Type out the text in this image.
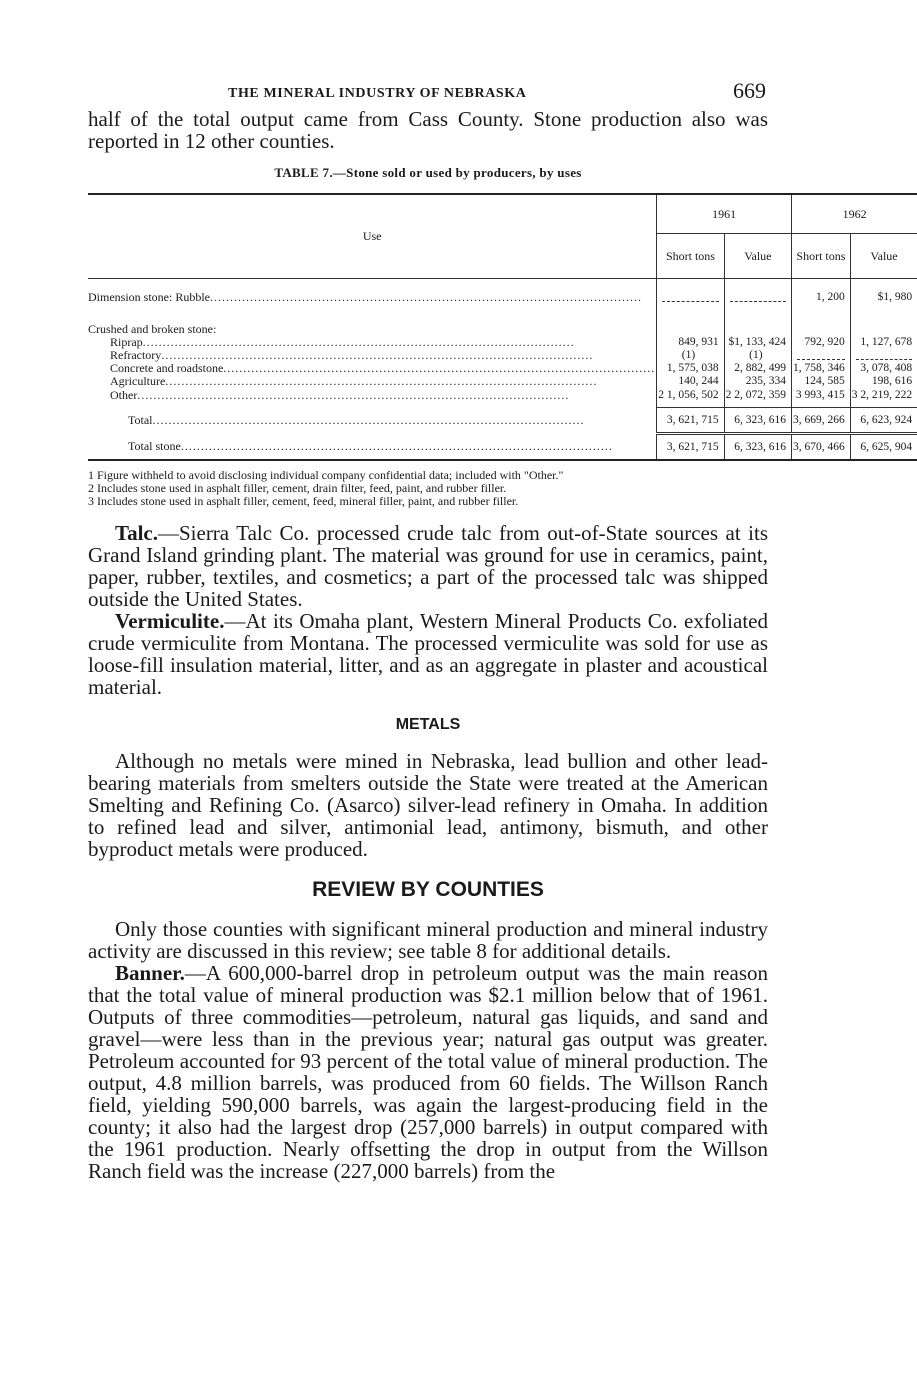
THE MINERAL INDUSTRY OF NEBRASKA	669

half of the total output came from Cass County. Stone production also was reported in 12 other counties.

TABLE 7.—Stone sold or used by producers, by uses
Use	1961		1962	
	Short tons	Value	Short tons	Value

Dimension stone: Rubble .....			1, 200	$1, 980

Crushed and broken stone:				
Riprap .....	849, 931	$1, 133, 424	792, 920	1, 127, 678
Refractory .....	(1)	(1)	

Concrete and roadstone .....	1, 575, 038	2, 882, 499	1, 758, 346	3, 078, 408
Agriculture .....	140, 244	235, 334	124, 585	198, 616
Other .....	2 1, 056, 502	2 2, 072, 359	3 993, 415	3 2, 219, 222

Total .....	3, 621, 715	6, 323, 616	3, 669, 266	6, 623, 924
Total stone .....	3, 621, 715	6, 323, 616	3, 670, 466	6, 625, 904
1 Figure withheld to avoid disclosing individual company confidential data; included with "Other."
2 Includes stone used in asphalt filler, cement, drain filter, feed, paint, and rubber filler.
3 Includes stone used in asphalt filler, cement, feed, mineral filler, paint, and rubber filler.

Talc.—Sierra Talc Co. processed crude talc from out-of-State sources at its Grand Island grinding plant. The material was ground for use in ceramics, paint, paper, rubber, textiles, and cosmetics; a part of the processed talc was shipped outside the United States.

Vermiculite.—At its Omaha plant, Western Mineral Products Co. exfoliated crude vermiculite from Montana. The processed vermiculite was sold for use as loose-fill insulation material, litter, and as an aggregate in plaster and acoustical material.

METALS

Although no metals were mined in Nebraska, lead bullion and other lead-bearing materials from smelters outside the State were treated at the American Smelting and Refining Co. (Asarco) silver-lead refinery in Omaha. In addition to refined lead and silver, antimonial lead, antimony, bismuth, and other byproduct metals were produced.

REVIEW BY COUNTIES

Only those counties with significant mineral production and mineral industry activity are discussed in this review; see table 8 for additional details.

Banner.—A 600,000-barrel drop in petroleum output was the main reason that the total value of mineral production was $2.1 million below that of 1961. Outputs of three commodities—petroleum, natural gas liquids, and sand and gravel—were less than in the previous year; natural gas output was greater. Petroleum accounted for 93 percent of the total value of mineral production. The output, 4.8 million barrels, was produced from 60 fields. The Willson Ranch field, yielding 590,000 barrels, was again the largest-producing field in the county; it also had the largest drop (257,000 barrels) in output compared with the 1961 production. Nearly offsetting the drop in output from the Willson Ranch field was the increase (227,000 barrels) from the
